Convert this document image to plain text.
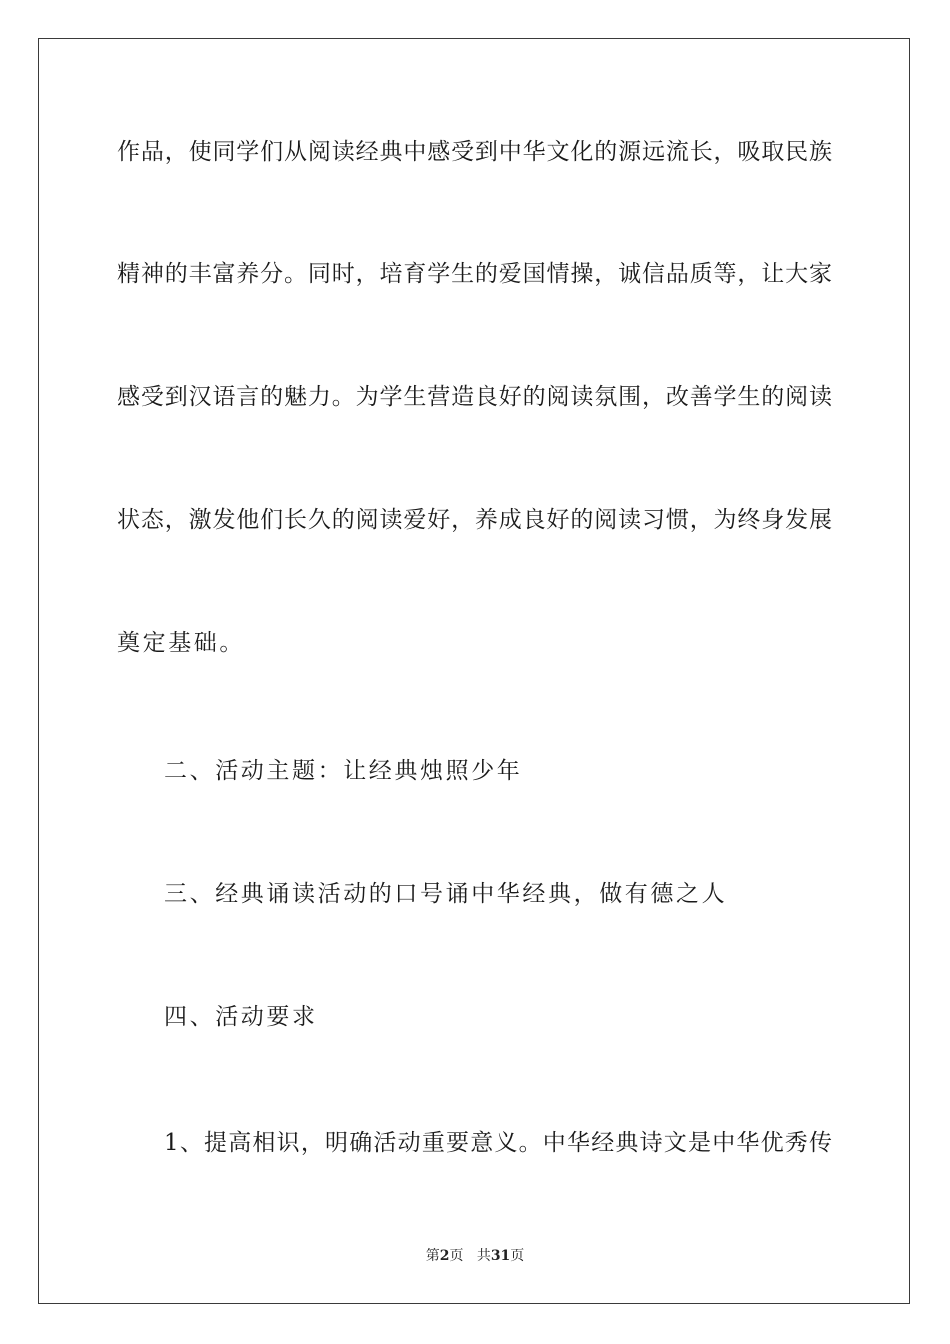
作品，使同学们从阅读经典中感受到中华文化的源远流长，吸取民族
精神的丰富养分。同时，培育学生的爱国情操，诚信品质等，让大家
感受到汉语言的魅力。为学生营造良好的阅读氛围，改善学生的阅读
状态，激发他们长久的阅读爱好，养成良好的阅读习惯，为终身发展
奠定基础。
二、活动主题：让经典烛照少年
三、经典诵读活动的口号诵中华经典，做有德之人
四、活动要求
1、提高相识，明确活动重要意义。中华经典诗文是中华优秀传
第2页 共31页
